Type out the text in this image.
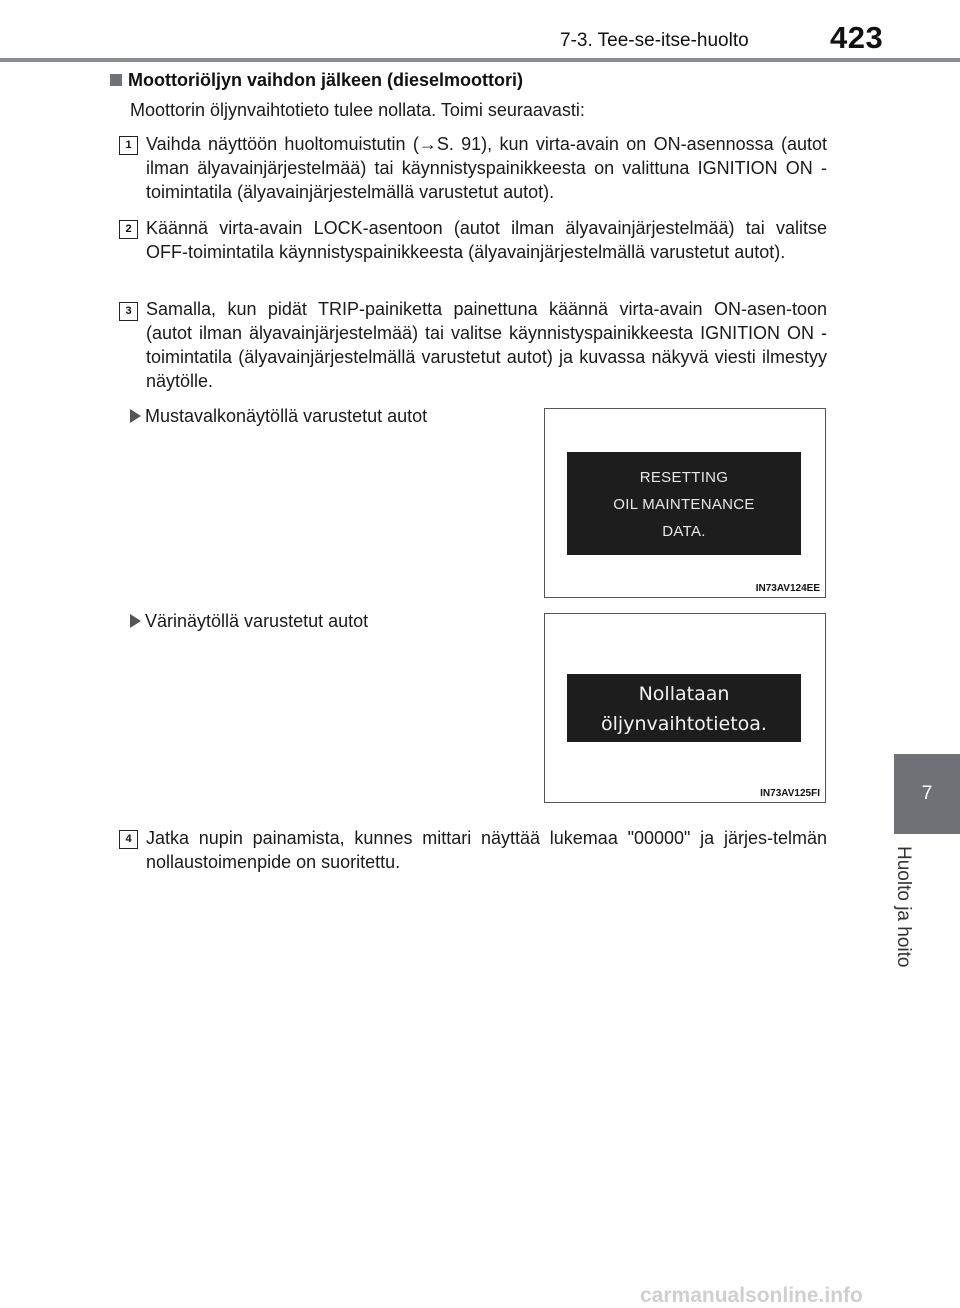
7-3. Tee-se-itse-huolto	423
7
Huolto ja hoito
Moottoriöljyn vaihdon jälkeen (dieselmoottori)
Moottorin öljynvaihtotieto tulee nollata. Toimi seuraavasti:
1 Vaihda näyttöön huoltomuistutin (→S. 91), kun virta-avain on ON-asennossa (autot ilman älyavainjärjestelmää) tai käynnistyspainikkeesta on valittuna IGNITION ON -toimintatila (älyavainjärjestelmällä varustetut autot).
2 Käännä virta-avain LOCK-asentoon (autot ilman älyavainjärjestelmää) tai valitse OFF-toimintatila käynnistyspainikkeesta (älyavainjärjestelmällä varustetut autot).
3 Samalla, kun pidät TRIP-painiketta painettuna käännä virta-avain ON-asen-toon (autot ilman älyavainjärjestelmää) tai valitse käynnistyspainikkeesta IGNITION ON -toimintatila (älyavainjärjestelmällä varustetut autot) ja kuvassa näkyvä viesti ilmestyy näytölle.
Mustavalkonäytöllä varustetut autot
RESETTING
OIL MAINTENANCE
DATA.
IN73AV124EE
Värinäytöllä varustetut autot
Nollataan
öljynvaihtotietoa.
IN73AV125FI
4 Jatka nupin painamista, kunnes mittari näyttää lukemaa "00000" ja järjes-telmän nollaustoimenpide on suoritettu.
carmanualsonline.info
